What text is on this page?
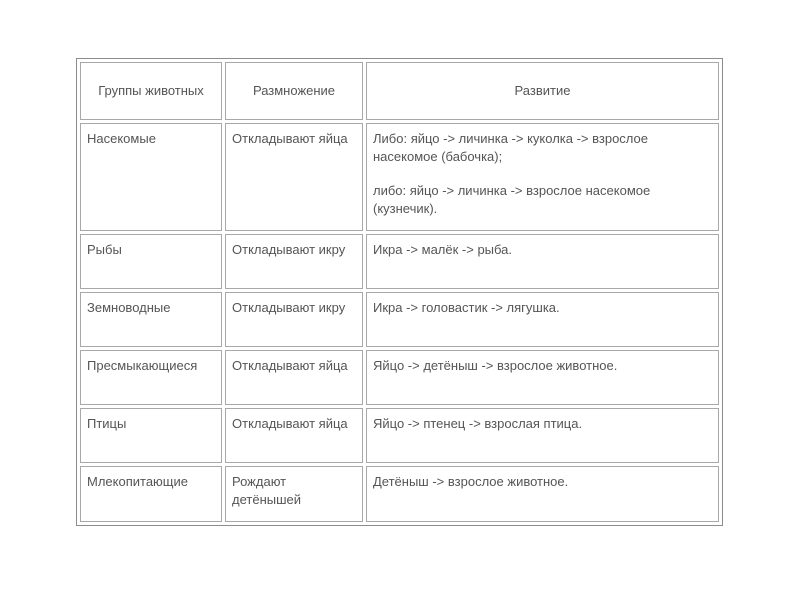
Группы животных	Размножение	Развитие
Насекомые	Откладывают яйца	Либо: яйцо -> личинка -> куколка -> взрослое насекомое (бабочка);
либо: яйцо -> личинка -> взрослое насекомое (кузнечик).

Рыбы	Откладывают икру	Икра -> малёк -> рыба.
Земноводные	Откладывают икру	Икра -> головастик -> лягушка.
Пресмыкающиеся	Откладывают яйца	Яйцо -> детёныш -> взрослое животное.
Птицы	Откладывают яйца	Яйцо -> птенец -> взрослая птица.
Млекопитающие	Рождают детёнышей	Детёныш -> взрослое животное.
